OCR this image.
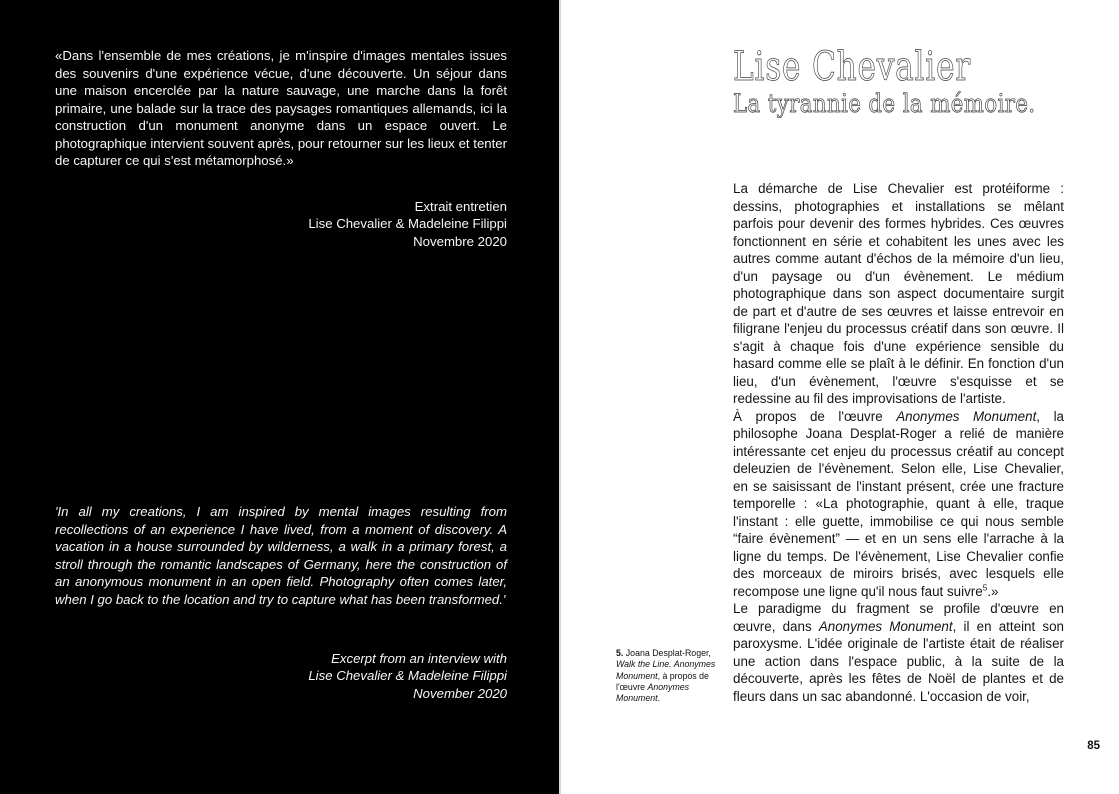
«Dans l'ensemble de mes créations, je m'inspire d'images mentales issues des souvenirs d'une expérience vécue, d'une découverte. Un séjour dans une maison encerclée par la nature sauvage, une marche dans la forêt primaire, une balade sur la trace des paysages romantiques allemands, ici la construction d'un monument anonyme dans un espace ouvert. Le photographique intervient souvent après, pour retourner sur les lieux et tenter de capturer ce qui s'est métamorphosé.»

Extrait entretien
Lise Chevalier & Madeleine Filippi
Novembre 2020

'In all my creations, I am inspired by mental images resulting from recollections of an experience I have lived, from a moment of discovery. A vacation in a house surrounded by wilderness, a walk in a primary forest, a stroll through the romantic landscapes of Germany, here the construction of an anonymous monument in an open field. Photography often comes later, when I go back to the location and try to capture what has been transformed.'

Excerpt from an interview with
Lise Chevalier & Madeleine Filippi
November 2020
Lise Chevalier
La tyrannie de la mémoire.

La démarche de Lise Chevalier est protéiforme : dessins, photographies et installations se mêlant parfois pour devenir des formes hybrides. Ces œuvres fonctionnent en série et cohabitent les unes avec les autres comme autant d'échos de la mémoire d'un lieu, d'un paysage ou d'un évènement. Le médium photographique dans son aspect documentaire surgit de part et d'autre de ses œuvres et laisse entrevoir en filigrane l'enjeu du processus créatif dans son œuvre. Il s'agit à chaque fois d'une expérience sensible du hasard comme elle se plaît à le définir. En fonction d'un lieu, d'un évènement, l'œuvre s'esquisse et se redessine au fil des improvisations de l'artiste.

À propos de l'œuvre Anonymes Monument, la philosophe Joana Desplat-Roger a relié de manière intéressante cet enjeu du processus créatif au concept deleuzien de l'évènement. Selon elle, Lise Chevalier, en se saisissant de l'instant présent, crée une fracture temporelle : «La photographie, quant à elle, traque l'instant : elle guette, immobilise ce qui nous semble “faire évènement” — et en un sens elle l'arrache à la ligne du temps. De l'évènement, Lise Chevalier confie des morceaux de miroirs brisés, avec lesquels elle recompose une ligne qu'il nous faut suivre$^5$.»

Le paradigme du fragment se profile d'œuvre en œuvre, dans Anonymes Monument, il en atteint son paroxysme. L'idée originale de l'artiste était de réaliser une action dans l'espace public, à la suite de la découverte, après les fêtes de Noël de plantes et de fleurs dans un sac abandonné. L'occasion de voir,

5. Joana Desplat-Roger, Walk the Line. Anonymes Monument, à propos de l'œuvre Anonymes Monument.
85
